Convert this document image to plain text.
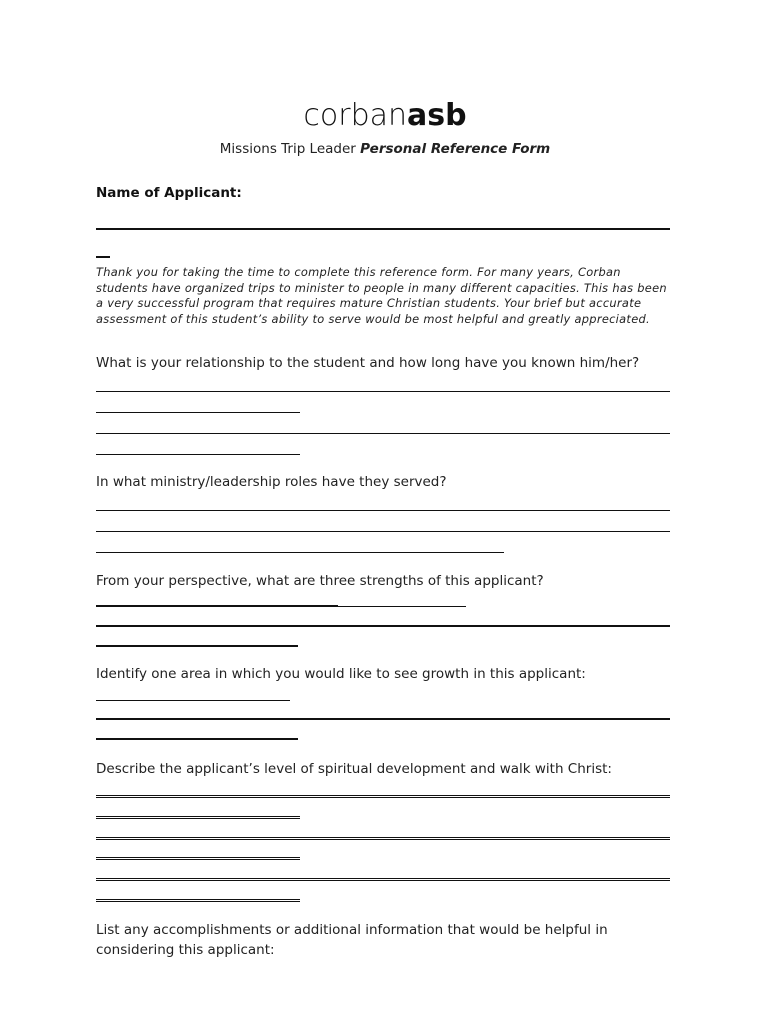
corbanasb
Missions Trip Leader Personal Reference Form
Name of Applicant:
Thank you for taking the time to complete this reference form. For many years, Corban students have organized trips to minister to people in many different capacities. This has been a very successful program that requires mature Christian students. Your brief but accurate assessment of this student’s ability to serve would be most helpful and greatly appreciated.
What is your relationship to the student and how long have you known him/her?
In what ministry/leadership roles have they served?
From your perspective, what are three strengths of this applicant?
Identify one area in which you would like to see growth in this applicant:
Describe the applicant’s level of spiritual development and walk with Christ:
List any accomplishments or additional information that would be helpful in
considering this applicant:
